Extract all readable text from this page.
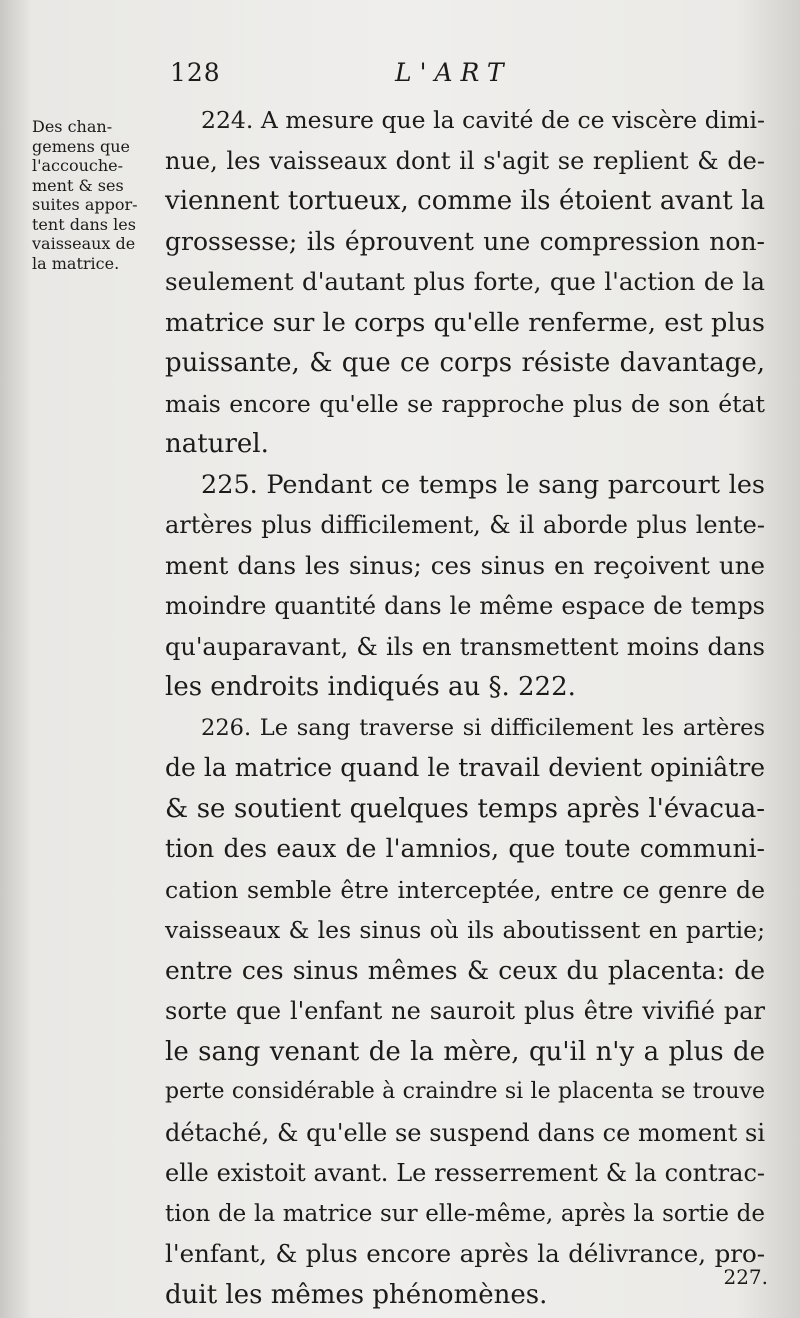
128	L'ART
Des chan-
gemens que
l'accouche-
ment & ses
suites appor-
tent dans les
vaisseaux de
la matrice.
224. A mesure que la cavité de ce viscère dimi-
nue, les vaisseaux dont il s'agit se replient & de-
viennent tortueux, comme ils étoient avant la
grossesse; ils éprouvent une compression non-
seulement d'autant plus forte, que l'action de la
matrice sur le corps qu'elle renferme, est plus
puissante, & que ce corps résiste davantage,
mais encore qu'elle se rapproche plus de son état
naturel.
225. Pendant ce temps le sang parcourt les
artères plus difficilement, & il aborde plus lente-
ment dans les sinus; ces sinus en reçoivent une
moindre quantité dans le même espace de temps
qu'auparavant, & ils en transmettent moins dans
les endroits indiqués au §. 222.
226. Le sang traverse si difficilement les artères
de la matrice quand le travail devient opiniâtre
& se soutient quelques temps après l'évacua-
tion des eaux de l'amnios, que toute communi-
cation semble être interceptée, entre ce genre de
vaisseaux & les sinus où ils aboutissent en partie;
entre ces sinus mêmes & ceux du placenta: de
sorte que l'enfant ne sauroit plus être vivifié par
le sang venant de la mère, qu'il n'y a plus de
perte considérable à craindre si le placenta se trouve
détaché, & qu'elle se suspend dans ce moment si
elle existoit avant. Le resserrement & la contrac-
tion de la matrice sur elle-même, après la sortie de
l'enfant, & plus encore après la délivrance, pro-
duit les mêmes phénomènes.
227.
